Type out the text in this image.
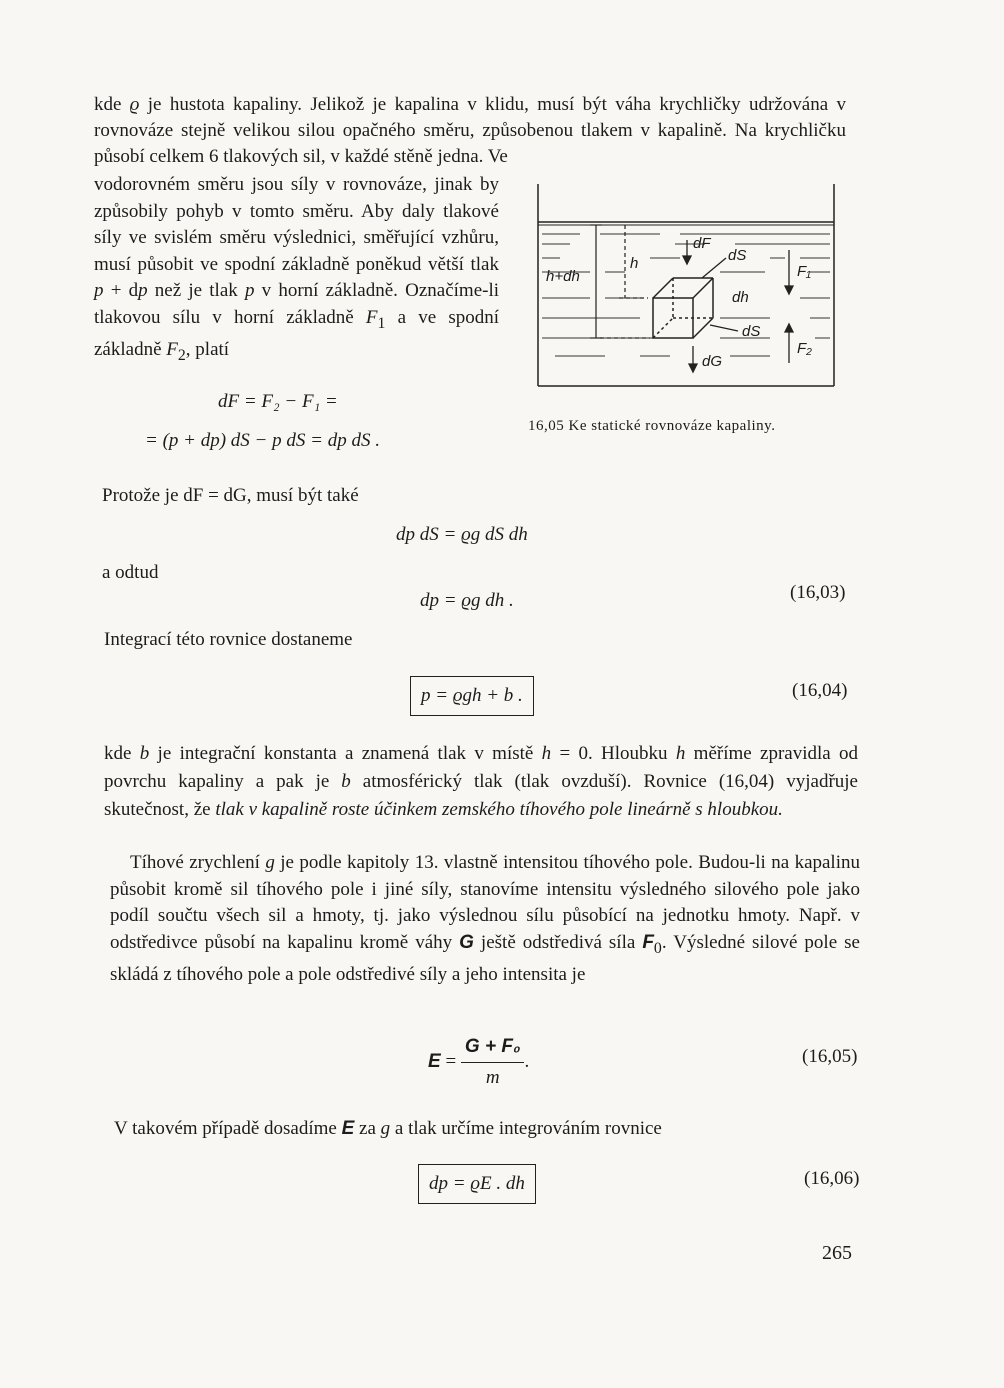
kde ϱ je hustota kapaliny. Jelikož je kapalina v klidu, musí být váha krychličky udržována v rovnováze stejně velikou silou opačného směru, způsobenou tlakem v kapalině. Na krychličku působí celkem 6 tlakových sil, v každé stěně jedna. Ve

vodorovném směru jsou síly v rovnováze, jinak by způsobily pohyb v tomto směru. Aby daly tlakové síly ve svislém směru výslednici, směřující vzhůru, musí působit ve spodní základně poněkud větší tlak p + dp než je tlak p v horní základně. Označíme-li tlakovou sílu v horní základně $F_1$ a ve spodní základně $F_2$, platí

dF = F₂ − F₁ =
= (p + dp) dS − p dS = dp dS .
h+dh
h
dF
dS
F₁
dh
dS
F₂
dG
16,05 Ke statické rovnováze kapaliny.
Protože je dF = dG, musí být také
dp dS = ϱg dS dh
a odtud
dp = ϱg dh .	(16,03)
Integrací této rovnice dostaneme
p = ϱgh + b .	(16,04)

kde b je integrační konstanta a znamená tlak v místě h = 0. Hloubku h měříme zpravidla od povrchu kapaliny a pak je b atmosférický tlak (tlak ovzduší). Rovnice (16,04) vyjadřuje skutečnost, že tlak v kapalině roste účinkem zemského tíhového pole lineárně s hloubkou.

Tíhové zrychlení g je podle kapitoly 13. vlastně intensitou tíhového pole. Budou-li na kapalinu působit kromě sil tíhového pole i jiné síly, stanovíme intensitu výsledného silového pole jako podíl součtu všech sil a hmoty, tj. jako výslednou sílu působící na jednotku hmoty. Např. v odstředivce působí na kapalinu kromě váhy G ještě odstředivá síla $F_0$. Výsledné silové pole se skládá z tíhového pole a pole odstředivé síly a jeho intensita je

$E = \frac{\text{G + F₀}}{m}$ .	(16,05)
V takovém případě dosadíme E za g a tlak určíme integrováním rovnice
dp = ϱE . dh	(16,06)
265
